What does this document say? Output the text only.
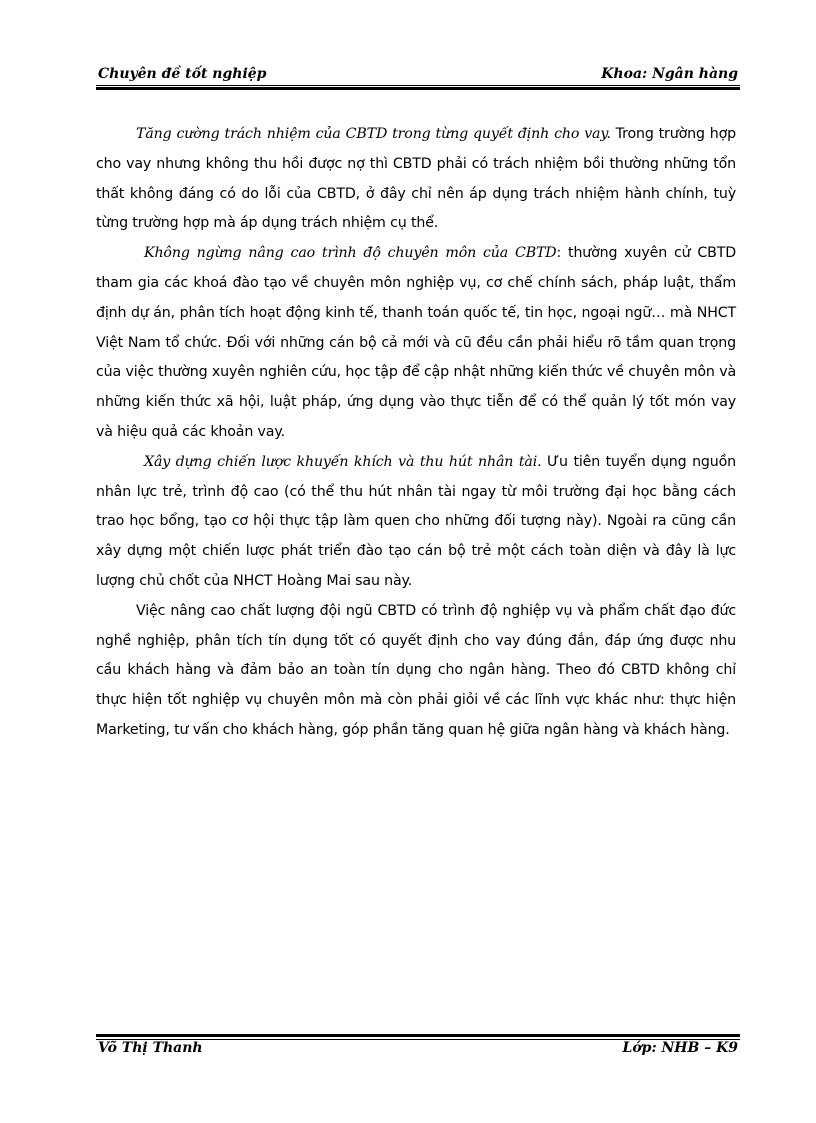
Chuyên đề tốt nghiệp	Khoa: Ngân hàng

Tăng cường trách nhiệm của CBTD trong từng quyết định cho vay. Trong trường hợp cho vay nhưng không thu hồi được nợ thì CBTD phải có trách nhiệm bồi thường những tổn thất không đáng có do lỗi của CBTD, ở đây chỉ nên áp dụng trách nhiệm hành chính, tuỳ từng trường hợp mà áp dụng trách nhiệm cụ thể.

Không ngừng nâng cao trình độ chuyên môn của CBTD: thường xuyên cử CBTD tham gia các khoá đào tạo về chuyên môn nghiệp vụ, cơ chế chính sách, pháp luật, thẩm định dự án, phân tích hoạt động kinh tế, thanh toán quốc tế, tin học, ngoại ngữ… mà NHCT Việt Nam tổ chức. Đối với những cán bộ cả mới và cũ đều cần phải hiểu rõ tầm quan trọng của việc thường xuyên nghiên cứu, học tập để cập nhật những kiến thức về chuyên môn và những kiến thức xã hội, luật pháp, ứng dụng vào thực tiễn để có thể quản lý tốt món vay và hiệu quả các khoản vay.

Xây dựng chiến lược khuyến khích và thu hút nhân tài. Ưu tiên tuyển dụng nguồn nhân lực trẻ, trình độ cao (có thể thu hút nhân tài ngay từ môi trường đại học bằng cách trao học bổng, tạo cơ hội thực tập làm quen cho những đối tượng này). Ngoài ra cũng cần xây dựng một chiến lược phát triển đào tạo cán bộ trẻ một cách toàn diện và đây là lực lượng chủ chốt của NHCT Hoàng Mai sau này.

Việc nâng cao chất lượng đội ngũ CBTD có trình độ nghiệp vụ và phẩm chất đạo đức nghề nghiệp, phân tích tín dụng tốt có quyết định cho vay đúng đắn, đáp ứng được nhu cầu khách hàng và đảm bảo an toàn tín dụng cho ngân hàng. Theo đó CBTD không chỉ thực hiện tốt nghiệp vụ chuyên môn mà còn phải giỏi về các lĩnh vực khác như: thực hiện Marketing, tư vấn cho khách hàng, góp phần tăng quan hệ giữa ngân hàng và khách hàng.

Võ Thị Thanh	Lớp: NHB – K9
